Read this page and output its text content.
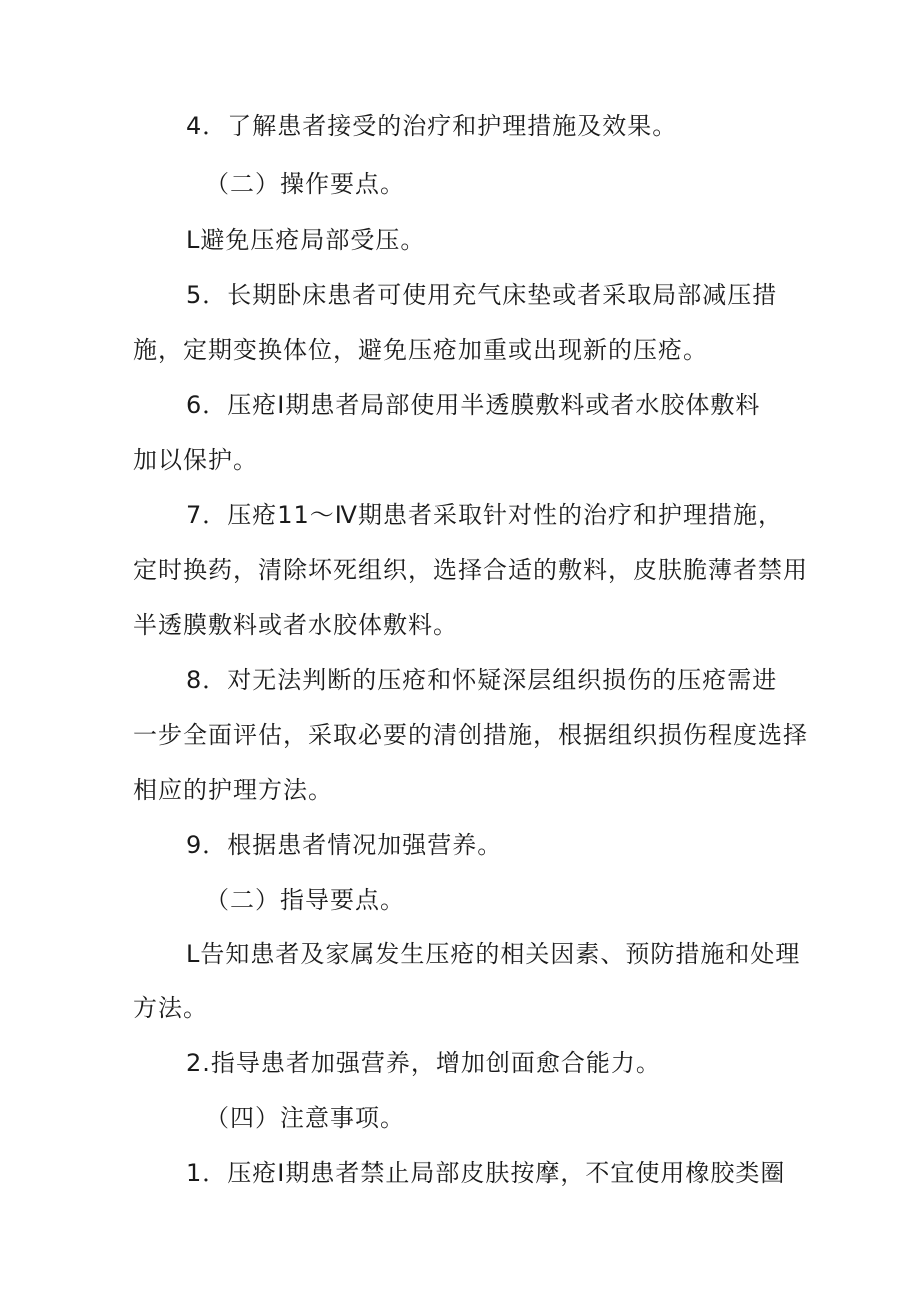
4．了解患者接受的治疗和护理措施及效果。
（二）操作要点。
L避免压疮局部受压。
5．长期卧床患者可使用充气床垫或者采取局部减压措
施，定期变换体位，避免压疮加重或出现新的压疮。
6．压疮Ⅰ期患者局部使用半透膜敷料或者水胶体敷料
加以保护。
7．压疮11～Ⅳ期患者采取针对性的治疗和护理措施，
定时换药，清除坏死组织，选择合适的敷料，皮肤脆薄者禁用
半透膜敷料或者水胶体敷料。
8．对无法判断的压疮和怀疑深层组织损伤的压疮需进
一步全面评估，采取必要的清创措施，根据组织损伤程度选择
相应的护理方法。
9．根据患者情况加强营养。
（二）指导要点。
L告知患者及家属发生压疮的相关因素、预防措施和处理
方法。
2.指导患者加强营养，增加创面愈合能力。
（四）注意事项。
1．压疮Ⅰ期患者禁止局部皮肤按摩，不宜使用橡胶类圈
